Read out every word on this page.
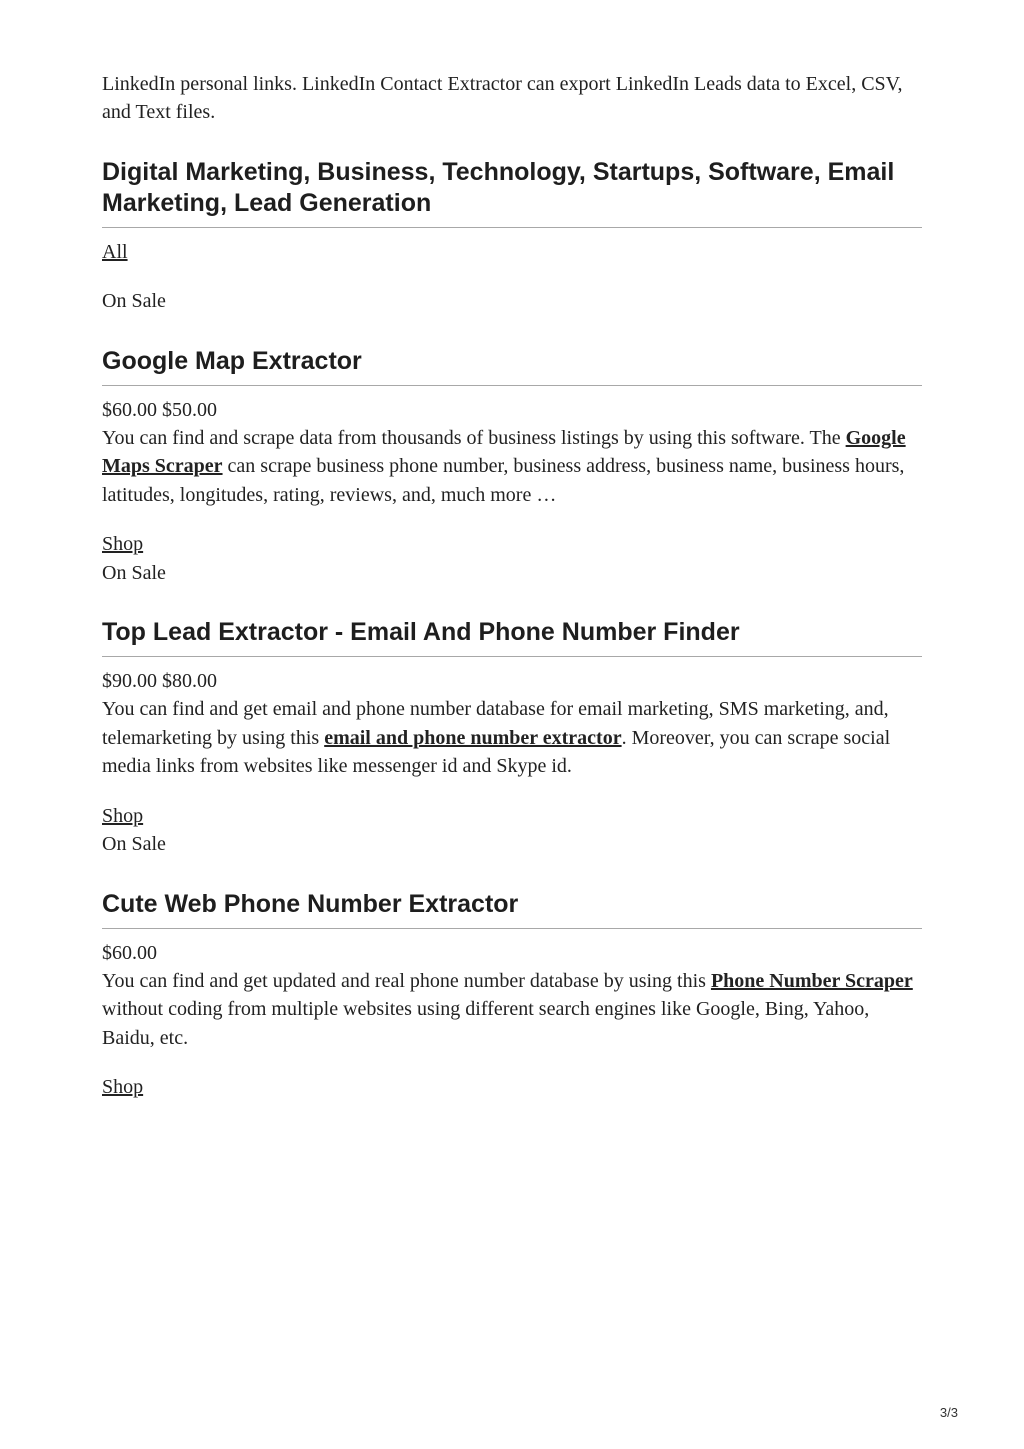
LinkedIn personal links. LinkedIn Contact Extractor can export LinkedIn Leads data to Excel, CSV, and Text files.

Digital Marketing, Business, Technology, Startups, Software, Email Marketing, Lead Generation
All
On Sale
Google Map Extractor
$60.00 $50.00

You can find and scrape data from thousands of business listings by using this software. The Google Maps Scraper can scrape business phone number, business address, business name, business hours, latitudes, longitudes, rating, reviews, and, much more …

Shop
On Sale
Top Lead Extractor - Email And Phone Number Finder
$90.00 $80.00

You can find and get email and phone number database for email marketing, SMS marketing, and, telemarketing by using this email and phone number extractor. Moreover, you can scrape social media links from websites like messenger id and Skype id.

Shop
On Sale
Cute Web Phone Number Extractor
$60.00

You can find and get updated and real phone number database by using this Phone Number Scraper without coding from multiple websites using different search engines like Google, Bing, Yahoo, Baidu, etc.

Shop
3/3
